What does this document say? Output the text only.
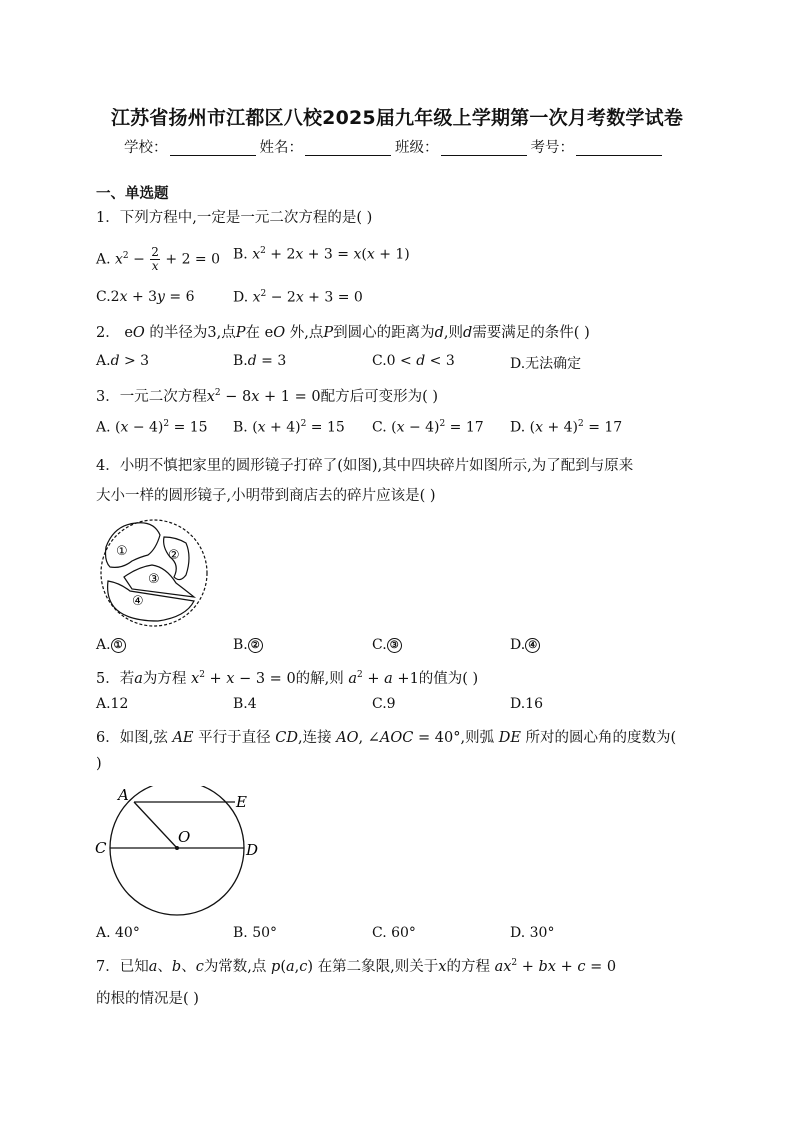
江苏省扬州市江都区八校2025届九年级上学期第一次月考数学试卷
学校：	姓名：	班级：	考号：
一、单选题
1．下列方程中,一定是一元二次方程的是( )
A. $x^2 - \frac{2}{x} + 2 = 0$ B. $x^2 + 2x + 3 = x(x + 1)$
C.2x + 3y = 6	D. $x^2 - 2x + 3 = 0$
2． eO 的半径为3,点P在 eO 外,点P到圆心的距离为d,则d需要满足的条件( )
A.d > 3	B.d = 3	C.0 < d < 3	D.无法确定
3．一元二次方程$x^2 - 8x + 1 = 0$配方后可变形为( )
A. $(x - 4)^2 = 15$ B. $(x + 4)^2 = 15$ C. $(x - 4)^2 = 17$ D. $(x + 4)^2 = 17$
4．小明不慎把家里的圆形镜子打碎了(如图),其中四块碎片如图所示,为了配到与原来
大小一样的圆形镜子,小明带到商店去的碎片应该是( )
①	②
③
④
A. ①	B. ②	C. ③	D. ④
5．若a为方程 $x^2 + x - 3 = 0$的解,则 $a^2 + a +1$的值为( )
A.12	B.4	C.9	D.16
6．如图,弦 AE 平行于直径 CD,连接 AO, ∠AOC = 40°,则弧 DE 所对的圆心角的度数为(
)
A	E
O
C	D
A. 40°	B. 50°	C. 60°	D. 30°
7．已知a、b、c为常数,点 p(a,c) 在第二象限,则关于x的方程 $ax^2$ + bx + c = 0
的根的情况是( )
